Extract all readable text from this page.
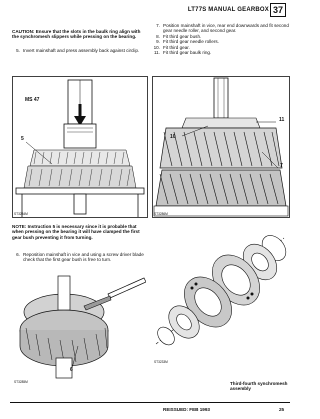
LT77S MANUAL GEARBOX 37
CAUTION: Ensure that the slots in the baulk ring align with the synchromesh slippers while pressing on the bearing.
5. Invert mainshaft and press assembly back against circlip.
7. Position mainshaft in vice, rear end downwards and fit second gear needle roller, and second gear.
8. Fit third gear bush.
9. Fit third gear needle rollers.
10. Fit third gear.
11. Fit third gear baulk ring.
MS 47
5
ST3284M
10
11
7
ST3286M
NOTE: Instruction 5 is necessary since it is probable that when pressing on the bearing it will have clamped the first gear bush preventing it from turning.
6. Reposition mainshaft in vice and using a screw driver blade check that the first gear bush is free to turn.
6
ST3285M
ST3233M
Third-fourth synchromesh assembly
REISSUED: FEB 1993	25
